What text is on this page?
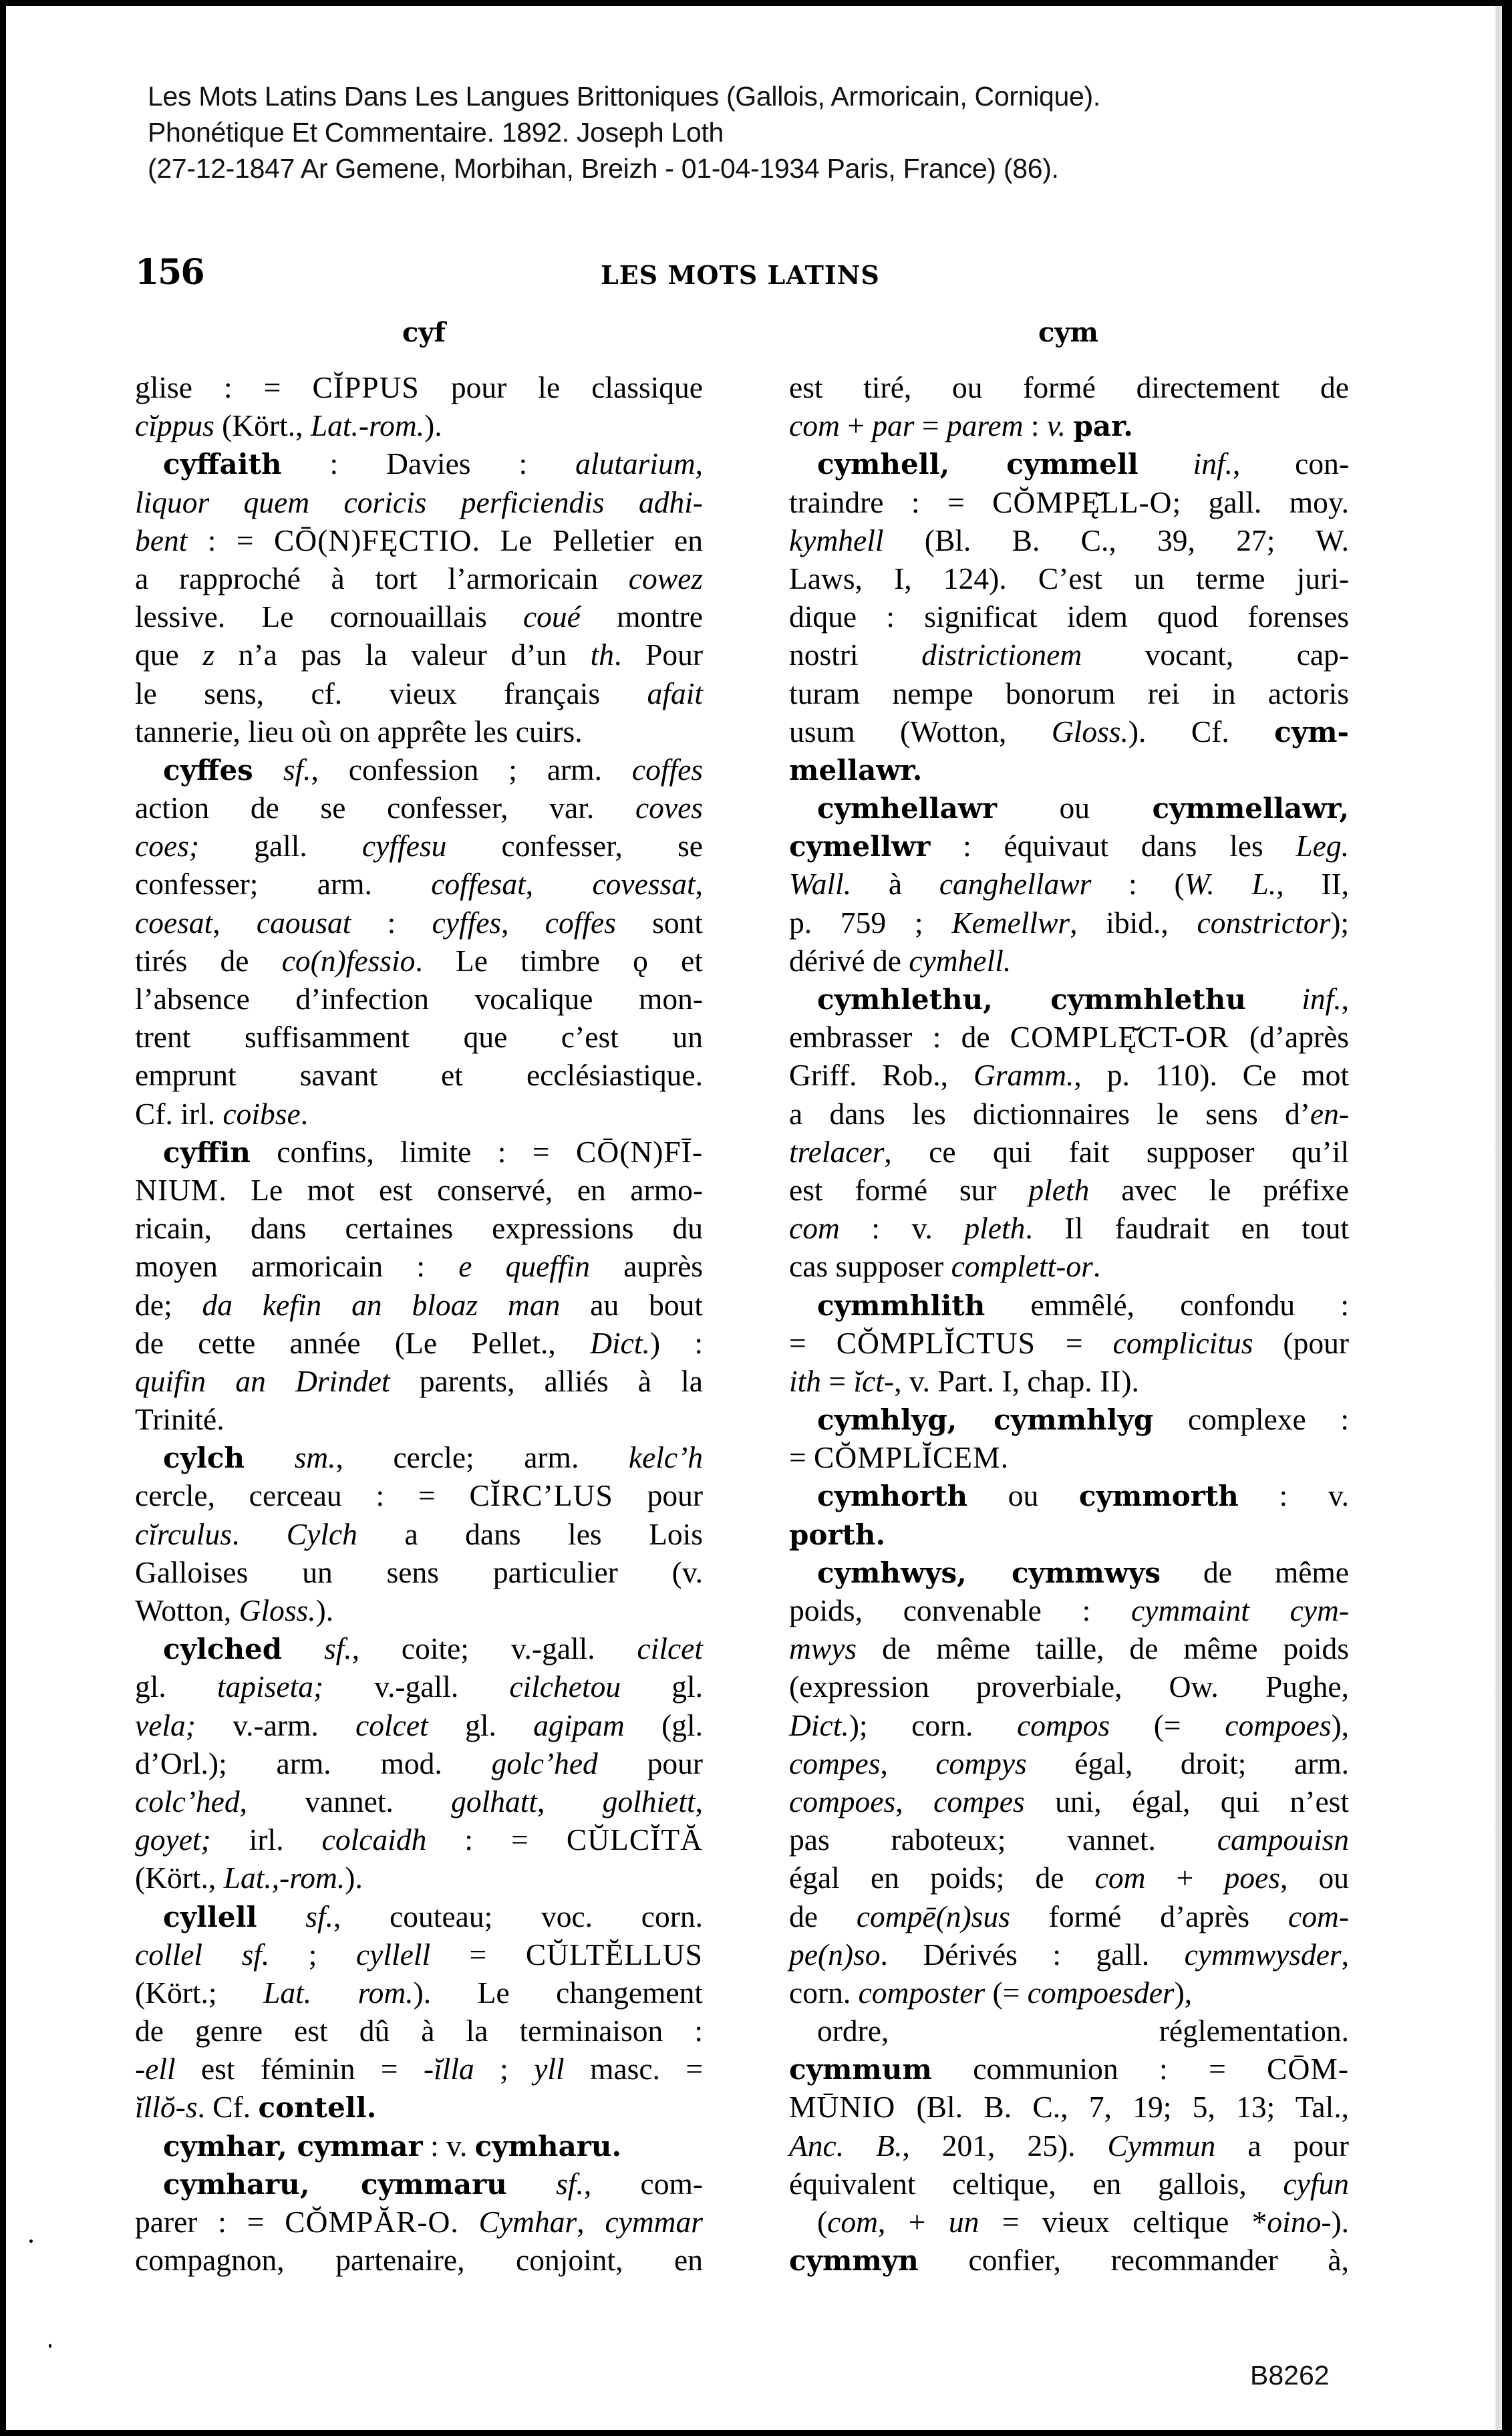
Les Mots Latins Dans Les Langues Brittoniques (Gallois, Armoricain, Cornique).
Phonétique Et Commentaire. 1892. Joseph Loth
(27-12-1847 Ar Gemene, Morbihan, Breizh - 01-04-1934 Paris, France) (86).
156	LES MOTS LATINS
cyf	cym
glise : = CĬPPUS pour le classique
cĭppus (Kört., Lat.-rom.).
cyffaith : Davies : alutarium,
liquor quem coricis perficiendis adhi-
bent : = CŌ(N)FĘCTIO. Le Pelletier en
a rapproché à tort l’armoricain cowez
lessive. Le cornouaillais coué montre
que z n’a pas la valeur d’un th. Pour
le sens, cf. vieux français afait
tannerie, lieu où on apprête les cuirs.
cyffes sf., confession ; arm. coffes
action de se confesser, var. coves
coes; gall. cyffesu confesser, se
confesser; arm. coffesat, covessat,
coesat, caousat : cyffes, coffes sont
tirés de co(n)fessio. Le timbre ǫ et
l’absence d’infection vocalique mon-
trent suffisamment que c’est un
emprunt savant et ecclésiastique.
Cf. irl. coibse.
cyffin confins, limite : = CŌ(N)FĪ-
NIUM. Le mot est conservé, en armo-
ricain, dans certaines expressions du
moyen armoricain : e queffin auprès
de; da kefin an bloaz man au bout
de cette année (Le Pellet., Dict.) :
quifin an Drindet parents, alliés à la
Trinité.
cylch sm., cercle; arm. kelc’h
cercle, cerceau : = CĬRC’LUS pour
cĭrculus. Cylch a dans les Lois
Galloises un sens particulier (v.
Wotton, Gloss.).
cylched sf., coite; v.-gall. cilcet
gl. tapiseta; v.-gall. cilchetou gl.
vela; v.-arm. colcet gl. agipam (gl.
d’Orl.); arm. mod. golc’hed pour
colc’hed, vannet. golhatt, golhiett,
goyet; irl. colcaidh : = CŬLCĬTĂ
(Kört., Lat.,-rom.).
cyllell sf., couteau; voc. corn.
collel sf. ; cyllell = CŬLTĔLLUS
(Kört.; Lat. rom.). Le changement
de genre est dû à la terminaison :
-ell est féminin = -ĭlla ; yll masc. =
ĭllŏ-s. Cf. contell.
cymhar, cymmar : v. cymharu.
cymharu, cymmaru sf., com-
parer : = CŎMPĂR-O. Cymhar, cymmar
compagnon, partenaire, conjoint, en
est tiré, ou formé directement de
com + par = parem : v. par.
cymhell, cymmell inf., con-
traindre : = CŎMPĘ̆LL-O; gall. moy.
kymhell (Bl. B. C., 39, 27; W.
Laws, I, 124). C’est un terme juri-
dique : significat idem quod forenses
nostri districtionem vocant, cap-
turam nempe bonorum rei in actoris
usum (Wotton, Gloss.). Cf. cym-
mellawr.
cymhellawr ou cymmellawr,
cymellwr : équivaut dans les Leg.
Wall. à canghellawr : (W. L., II,
p. 759 ; Kemellwr, ibid., constrictor);
dérivé de cymhell.
cymhlethu, cymmhlethu inf.,
embrasser : de COMPLĘ̆CT-OR (d’après
Griff. Rob., Gramm., p. 110). Ce mot
a dans les dictionnaires le sens d’en-
trelacer, ce qui fait supposer qu’il
est formé sur pleth avec le préfixe
com : v. pleth. Il faudrait en tout
cas supposer complett-or.
cymmhlith emmêlé, confondu :
= CŎMPLĬCTUS = complicitus (pour
ith = ĭct-, v. Part. I, chap. II).
cymhlyg, cymmhlyg complexe :
= CŎMPLĬCEM.
cymhorth ou cymmorth : v.
porth.
cymhwys, cymmwys de même
poids, convenable : cymmaint cym-
mwys de même taille, de même poids
(expression proverbiale, Ow. Pughe,
Dict.); corn. compos (= compoes),
compes, compys égal, droit; arm.
compoes, compes uni, égal, qui n’est
pas raboteux; vannet. campouisn
égal en poids; de com + poes, ou
de compē(n)sus formé d’après com-
pe(n)so. Dérivés : gall. cymmwysder,
corn. composter (= compoesder),
ordre, réglementation.
cymmum communion : = CŌM-
MŪNIO (Bl. B. C., 7, 19; 5, 13; Tal.,
Anc. B., 201, 25). Cymmun a pour
équivalent celtique, en gallois, cyfun
(com, + un = vieux celtique *oino-).
cymmyn confier, recommander à,
B8262
